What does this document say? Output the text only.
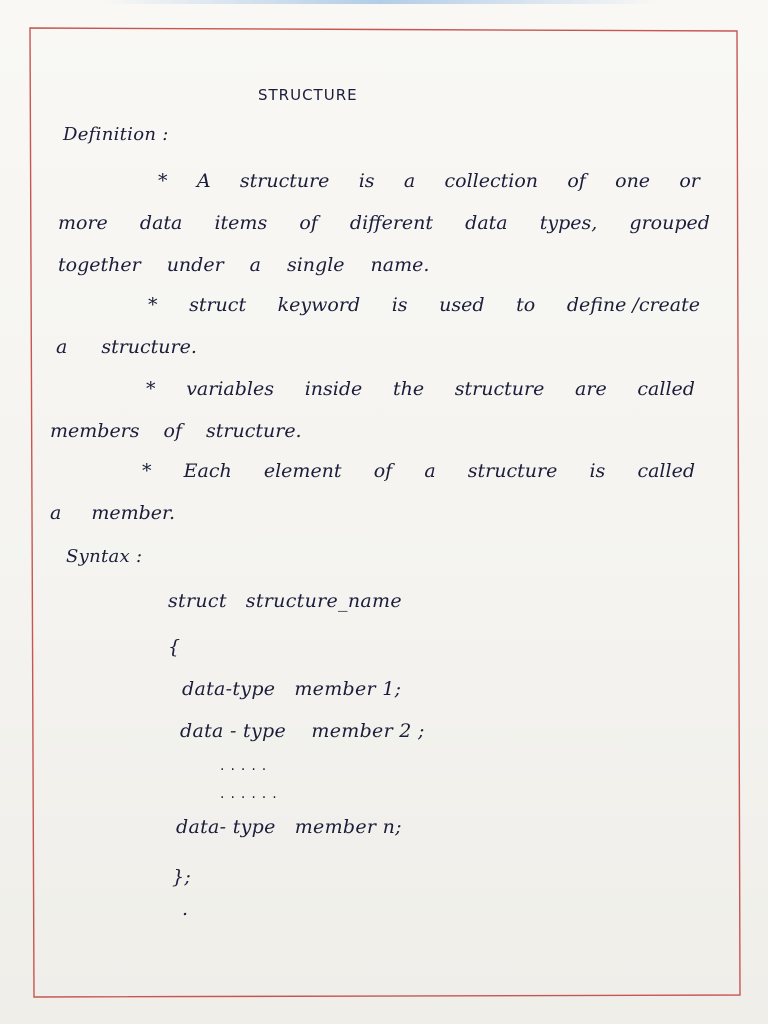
STRUCTURE
Definition :
* A structure is a collection of one or
more data items of different data types, grouped
together under a single name.
* struct keyword is used to define /create
a structure.
* variables inside the structure are called
members of structure.
* Each element of a structure is called
a member.
Syntax :
struct   structure_name
{
data-type   member 1;
data - type    member 2 ;
.....
......
data- type   member n;
};
.
